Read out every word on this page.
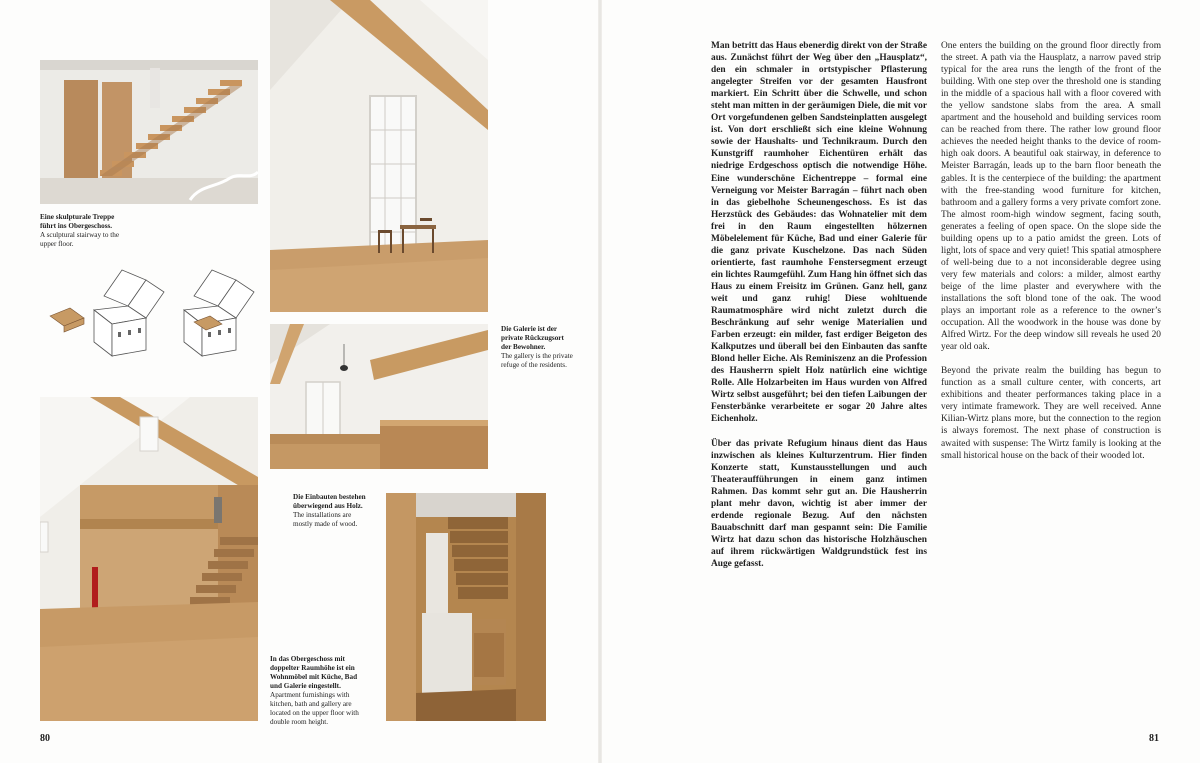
Eine skulpturale Treppe führt ins Obergeschoss.
A sculptural stairway to the upper floor.
Die Galerie ist der private Rückzugsort der Bewohner.
The gallery is the private refuge of the residents.
Die Einbauten bestehen überwiegend aus Holz.
The installations are mostly made of wood.
In das Obergeschoss mit doppelter Raumhöhe ist ein Wohnmöbel mit Küche, Bad und Galerie eingestellt.
Apartment furnishings with kitchen, bath and gallery are located on the upper floor with double room height.

Man betritt das Haus ebenerdig direkt von der Straße aus. Zunächst führt der Weg über den „Hausplatz“, den ein schmaler in ortstypischer Pflasterung angelegter Streifen vor der gesamten Hausfront markiert. Ein Schritt über die Schwelle, und schon steht man mitten in der geräumigen Diele, die mit vor Ort vorgefundenen gelben Sandsteinplatten ausgelegt ist. Von dort erschließt sich eine kleine Wohnung sowie der Haushalts- und Technikraum. Durch den Kunstgriff raumhoher Eichentüren erhält das niedrige Erdgeschoss optisch die notwendige Höhe. Eine wunderschöne Eichentreppe – formal eine Verneigung vor Meister Barragán – führt nach oben in das giebelhohe Scheunengeschoss. Es ist das Herzstück des Gebäudes: das Wohnatelier mit dem frei in den Raum eingestellten hölzernen Möbelelement für Küche, Bad und einer Galerie für die ganz private Kuschelzone. Das nach Süden orientierte, fast raumhohe Fenstersegment erzeugt ein lichtes Raumgefühl. Zum Hang hin öffnet sich das Haus zu einem Freisitz im Grünen. Ganz hell, ganz weit und ganz ruhig! Diese wohltuende Raumatmosphäre wird nicht zuletzt durch die Beschränkung auf sehr wenige Materialien und Farben erzeugt: ein milder, fast erdiger Beigeton des Kalkputzes und überall bei den Einbauten das sanfte Blond heller Eiche. Als Reminiszenz an die Profession des Hausherrn spielt Holz natürlich eine wichtige Rolle. Alle Holzarbeiten im Haus wurden von Alfred Wirtz selbst ausgeführt; bei den tiefen Laibungen der Fensterbänke verarbeitete er sogar 20 Jahre altes Eichenholz.

Über das private Refugium hinaus dient das Haus inzwischen als kleines Kulturzentrum. Hier finden Konzerte statt, Kunstausstellungen und auch Theateraufführungen in einem ganz intimen Rahmen. Das kommt sehr gut an. Die Hausherrin plant mehr davon, wichtig ist aber immer der erdende regionale Bezug. Auf den nächsten Bauabschnitt darf man gespannt sein: Die Familie Wirtz hat dazu schon das historische Holzhäuschen auf ihrem rückwärtigen Waldgrundstück fest ins Auge gefasst.

One enters the building on the ground floor directly from the street. A path via the Hausplatz, a narrow paved strip typical for the area runs the length of the front of the building. With one step over the threshold one is standing in the middle of a spacious hall with a floor covered with the yellow sandstone slabs from the area. A small apartment and the household and building services room can be reached from there. The rather low ground floor achieves the needed height thanks to the device of room-high oak doors. A beautiful oak stairway, in deference to Meister Barragán, leads up to the barn floor beneath the gables. It is the centerpiece of the building: the apartment with the free-standing wood furniture for kitchen, bathroom and a gallery forms a very private comfort zone. The almost room-high window segment, facing south, generates a feeling of open space. On the slope side the building opens up to a patio amidst the green. Lots of light, lots of space and very quiet! This spatial atmosphere of well-being due to a not inconsiderable degree using very few materials and colors: a milder, almost earthy beige of the lime plaster and everywhere with the installations the soft blond tone of the oak. The wood plays an important role as a reference to the owner’s occupation. All the woodwork in the house was done by Alfred Wirtz. For the deep window sill reveals he used 20 year old oak.

Beyond the private realm the building has begun to function as a small culture center, with concerts, art exhibitions and theater performances taking place in a very intimate framework. They are well received. Anne Kilian-Wirtz plans more, but the connection to the region is always foremost. The next phase of construction is awaited with suspense: The Wirtz family is looking at the small historical house on the back of their wooded lot.

80	81
